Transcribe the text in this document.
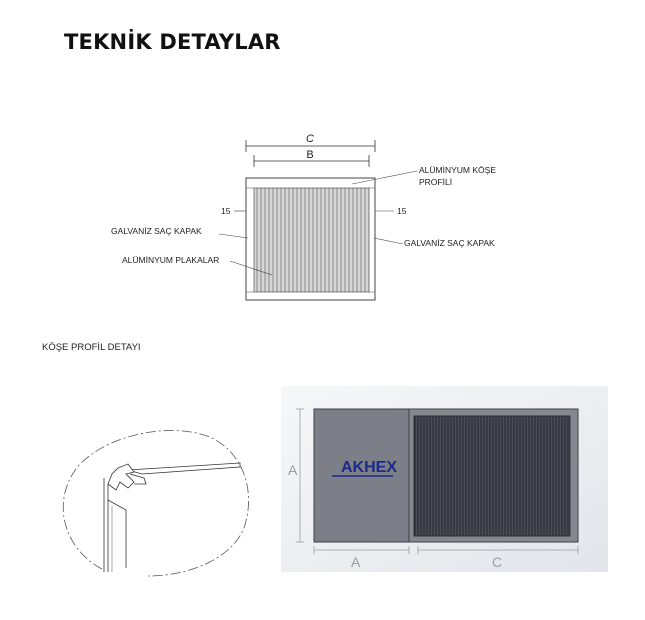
TEKNİK DETAYLAR
C
B
15	15
ALÜMİNYUM KÖŞE
PROFİLİ
GALVANİZ SAÇ KAPAK
GALVANİZ SAÇ KAPAK
ALÜMİNYUM PLAKALAR
KÖŞE PROFİL DETAYI
AKHEX
A
A	C
